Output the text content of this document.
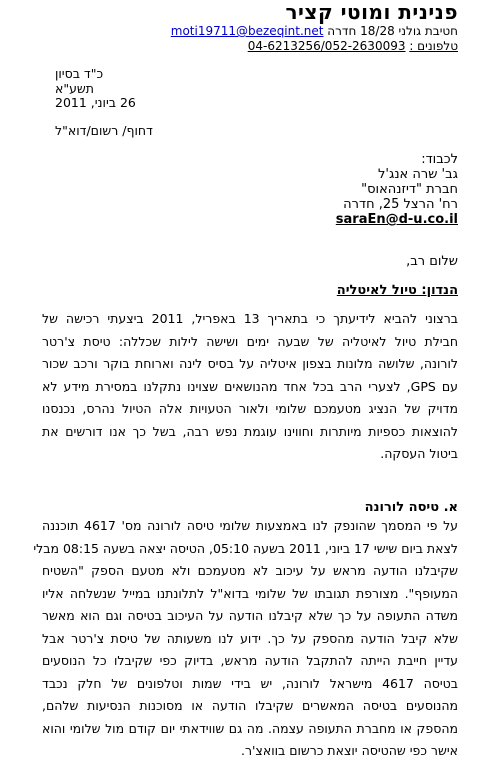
פנינית ומוטי קציר
חטיבת גולני 18/28 חדרה moti19711@bezeqint.net
טלפונים : 04-6213256/052-2630093
כ"ד בסיון
תשע"א
26 ביוני, 2011
דחוף/ רשום/דוא"ל
לכבוד:
גב' שרה אנג'ל
חברת "דיזנהאוס"
רח' הרצל 25, חדרה
saraEn@d-u.co.il
שלום רב,
הנדון: טיול לאיטליה
ברצוני להביא לידיעתך כי בתאריך 13 באפריל, 2011 ביצעתי רכישה של
חבילת טיול לאיטליה של שבעה ימים ושישה לילות שכללה: טיסת צ'רטר
לורונה, שלושה מלונות בצפון איטליה על בסיס לינה וארוחת בוקר ורכב שכור
עם GPS, לצערי הרב בכל אחד מהנושאים שצוינו נתקלנו במסירת מידע לא
מדויק של הנציג מטעמכם שלומי ולאור הטעויות אלה הטיול נהרס, נכנסנו
להוצאות כספיות מיותרות וחווינו עוגמת נפש רבה, בשל כך אנו דורשים את
ביטול העסקה.
א. טיסה לורונה
על פי המסמך שהונפק לנו באמצעות שלומי טיסה לורונה מס' 4617 תוכננה
לצאת ביום שישי 17 ביוני, 2011 בשעה 05:10, הטיסה יצאה בשעה 08:15 מבלי
שקיבלנו הודעה מראש על עיכוב לא מטעמכם ולא מטעם הספק "השטיח
המעופף". מצורפת תגובתו של שלומי בדוא"ל לתלונתנו במייל שנשלחה אליו
משדה התעופה על כך שלא קיבלנו הודעה על העיכוב בטיסה וגם הוא מאשר
שלא קיבל הודעה מהספק על כך. ידוע לנו משעותה של טיסת צ'רטר אבל
עדיין חייבת הייתה להתקבל הודעה מראש, בדיוק כפי שקיבלו כל הנוסעים
בטיסה 4617 מישראל לורונה, יש בידי שמות וטלפונים של חלק נכבד
מהנוסעים בטיסה המאשרים שקיבלו הודעה או מסוכנות הנסיעות שלהם,
מהספק או מחברת התעופה עצמה. מה גם שווידאתי יום קודם מול שלומי והוא
אישר כפי שהטיסה יוצאת כרשום בוואצ'ר.
